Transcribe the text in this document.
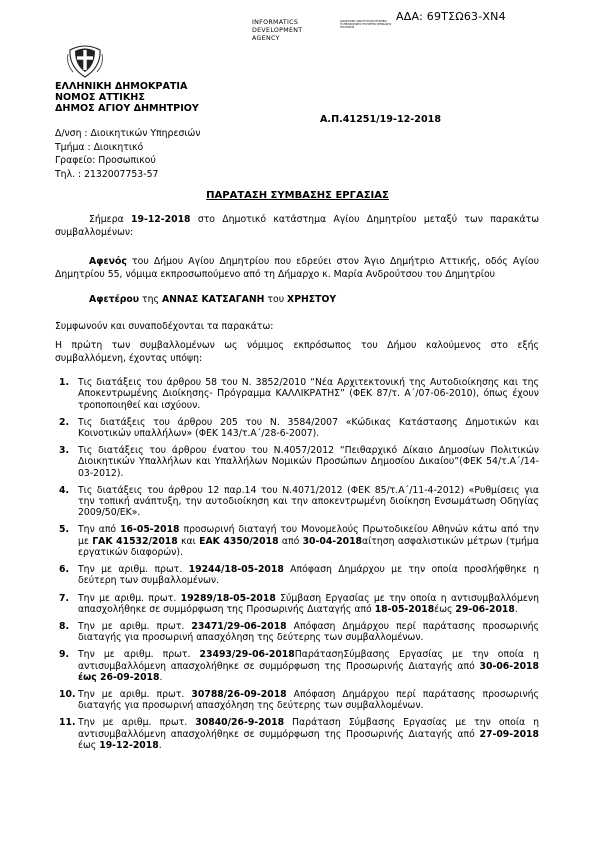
ΑΔΑ: 69ΤΣΩ63-ΧΝ4
INFORMATICS
DEVELOPMENT
AGENCY
ΔΙΑΚΡΑΤΙΚΗ ΑΝΑΠΤΥΞΙΑΚΗ ΕΤΑΙΡΕΙΑ ΠΛΗΡΟΦΟΡΙΚΗΣ ΥΠΟΥΡΓΕΙΟ ΨΗΦΙΑΚΗΣ ΠΟΛΙΤΙΚΗΣ
ΕΛΛΗΝΙΚΗ ΔΗΜΟΚΡΑΤΙΑ
ΝΟΜΟΣ ΑΤΤΙΚΗΣ
ΔΗΜΟΣ ΑΓΙΟΥ ΔΗΜΗΤΡΙΟΥ
Α.Π.41251/19-12-2018
Δ/νση : Διοικητικών Υπηρεσιών
Τμήμα : Διοικητικό
Γραφείο: Προσωπικού
Τηλ. : 2132007753-57
ΠΑΡΑΤΑΣΗ ΣΥΜΒΑΣΗΣ ΕΡΓΑΣΙΑΣ
Σήμερα 19-12-2018 στο Δημοτικό κατάστημα Αγίου Δημητρίου μεταξύ των παρακάτω συμβαλλομένων:
Αφενός του Δήμου Αγίου Δημητρίου που εδρεύει στον Άγιο Δημήτριο Αττικής, οδός Αγίου Δημητρίου 55, νόμιμα εκπροσωπούμενο από τη Δήμαρχο κ. Μαρία Ανδρούτσου του Δημητρίου
Αφετέρου της ΑΝΝΑΣ ΚΑΤΣΑΓΑΝΗ του ΧΡΗΣΤΟΥ
Συμφωνούν και συναποδέχονται τα παρακάτω:
Η πρώτη των συμβαλλομένων ως νόμιμος εκπρόσωπος του Δήμου καλούμενος στο εξής συμβαλλόμενη, έχοντας υπόψη:
1. Τις διατάξεις του άρθρου 58 του Ν. 3852/2010 “Νέα Αρχιτεκτονική της Αυτοδιοίκησης και της Αποκεντρωμένης Διοίκησης- Πρόγραμμα ΚΑΛΛΙΚΡΑΤΗΣ” (ΦΕΚ 87/τ. Α΄/07-06-2010), όπως έχουν τροποποιηθεί και ισχύουν.
2. Τις διατάξεις του άρθρου 205 του Ν. 3584/2007 «Κώδικας Κατάστασης Δημοτικών και Κοινοτικών υπαλλήλων» (ΦΕΚ 143/τ.Α΄/28-6-2007).
3. Τις διατάξεις του άρθρου ένατου του Ν.4057/2012 “Πειθαρχικό Δίκαιο Δημοσίων Πολιτικών Διοικητικών Υπαλλήλων και Υπαλλήλων Νομικών Προσώπων Δημοσίου Δικαίου”(ΦΕΚ 54/τ.Α΄/14-03-2012).
4. Τις διατάξεις του άρθρου 12 παρ.14 του Ν.4071/2012 (ΦΕΚ 85/τ.Α΄/11-4-2012) «Ρυθμίσεις για την τοπική ανάπτυξη, την αυτοδιοίκηση και την αποκεντρωμένη διοίκηση Ενσωμάτωση Οδηγίας 2009/50/ΕΚ».
5. Την από 16-05-2018 προσωρινή διαταγή του Μονομελούς Πρωτοδικείου Αθηνών κάτω από την με ΓΑΚ 41532/2018 και ΕΑΚ 4350/2018 από 30-04-2018αίτηση ασφαλιστικών μέτρων (τμήμα εργατικών διαφορών).
6. Την με αριθμ. πρωτ. 19244/18-05-2018 Απόφαση Δημάρχου με την οποία προσλήφθηκε η δεύτερη των συμβαλλομένων.
7. Την με αριθμ. πρωτ. 19289/18-05-2018 Σύμβαση Εργασίας με την οποία η αντισυμβαλλόμενη απασχολήθηκε σε συμμόρφωση της Προσωρινής Διαταγής από 18-05-2018έως 29-06-2018.
8. Την με αριθμ. πρωτ. 23471/29-06-2018 Απόφαση Δημάρχου περί παράτασης προσωρινής διαταγής για προσωρινή απασχόληση της δεύτερης των συμβαλλομένων.
9. Την με αριθμ. πρωτ. 23493/29-06-2018ΠαράτασηΣύμβασης Εργασίας με την οποία η αντισυμβαλλόμενη απασχολήθηκε σε συμμόρφωση της Προσωρινής Διαταγής από 30-06-2018 έως 26-09-2018.
10. Την με αριθμ. πρωτ. 30788/26-09-2018 Απόφαση Δημάρχου περί παράτασης προσωρινής διαταγής για προσωρινή απασχόληση της δεύτερης των συμβαλλομένων.
11. Την με αριθμ. πρωτ. 30840/26-9-2018 Παράταση Σύμβασης Εργασίας με την οποία η αντισυμβαλλόμενη απασχολήθηκε σε συμμόρφωση της Προσωρινής Διαταγής από 27-09-2018 έως 19-12-2018.
